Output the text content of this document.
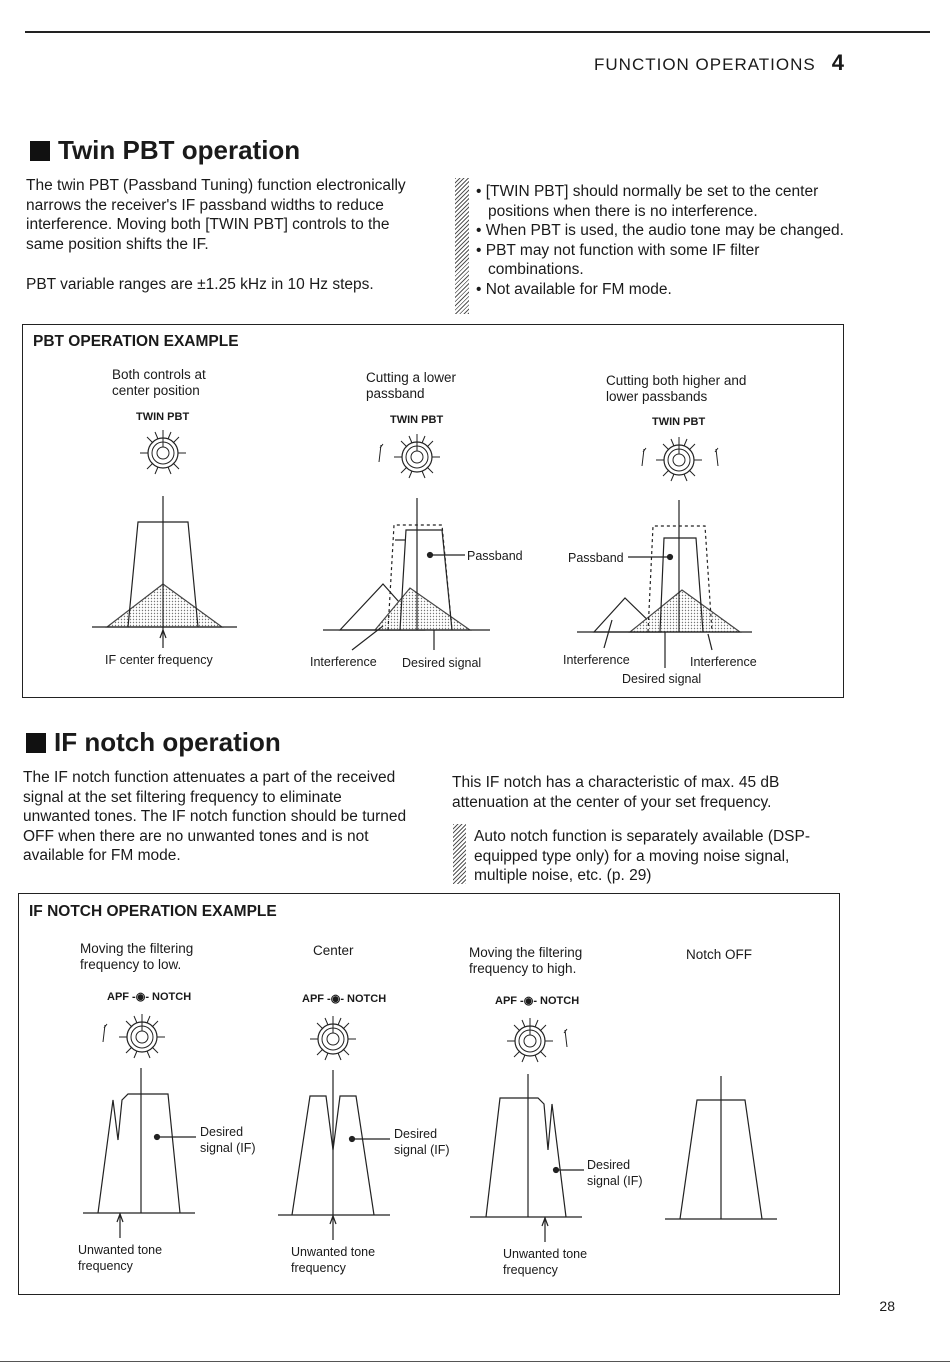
FUNCTION OPERATIONS 4
Twin PBT operation
The twin PBT (Passband Tuning) function electronically narrows the receiver's IF passband widths to reduce interference. Moving both [TWIN PBT] controls to the same position shifts the IF.
PBT variable ranges are ±1.25 kHz in 10 Hz steps.
• [TWIN PBT] should normally be set to the center positions when there is no interference.
• When PBT is used, the audio tone may be changed.
• PBT may not function with some IF filter combinations.
• Not available for FM mode.
PBT OPERATION EXAMPLE
Both controls at center position
Cutting a lower passband
Cutting both higher and lower passbands
TWIN PBT	TWIN PBT	TWIN PBT
IF center frequency
Passband
Interference Desired signal
Passband
Interference	Interference
Desired signal
IF notch operation
The IF notch function attenuates a part of the received signal at the set filtering frequency to eliminate unwanted tones. The IF notch function should be turned OFF when there are no unwanted tones and is not available for FM mode.
This IF notch has a characteristic of max. 45 dB attenuation at the center of your set frequency.
Auto notch function is separately available (DSP-equipped type only) for a moving noise signal, multiple noise, etc. (p. 29)
IF NOTCH OPERATION EXAMPLE
Moving the filtering frequency to low.
Center	Moving the filtering frequency to high.
Notch OFF
APF -◉- NOTCH	APF -◉- NOTCH	APF -◉- NOTCH
Desired signal (IF)
Desired signal (IF)
Desired signal (IF)
Unwanted tone frequency
Unwanted tone frequency
Unwanted tone frequency
28
